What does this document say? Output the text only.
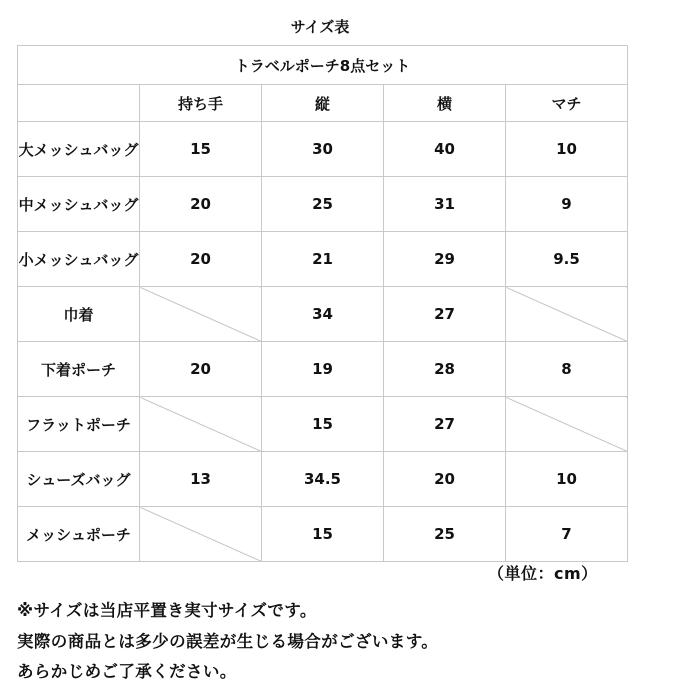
サイズ表
トラベルポーチ8点セット				
	持ち手	縦	横	マチ
大メッシュバッグ	15	30	40	10
中メッシュバッグ	20	25	31	9
小メッシュバッグ	20	21	29	9.5
巾着		34	27	
下着ポーチ	20	19	28	8
フラットポーチ		15	27	
シューズバッグ	13	34.5	20	10
メッシュポーチ		15	25	7
（単位：cm）
※サイズは当店平置き実寸サイズです。
実際の商品とは多少の誤差が生じる場合がございます。
あらかじめご了承ください。
